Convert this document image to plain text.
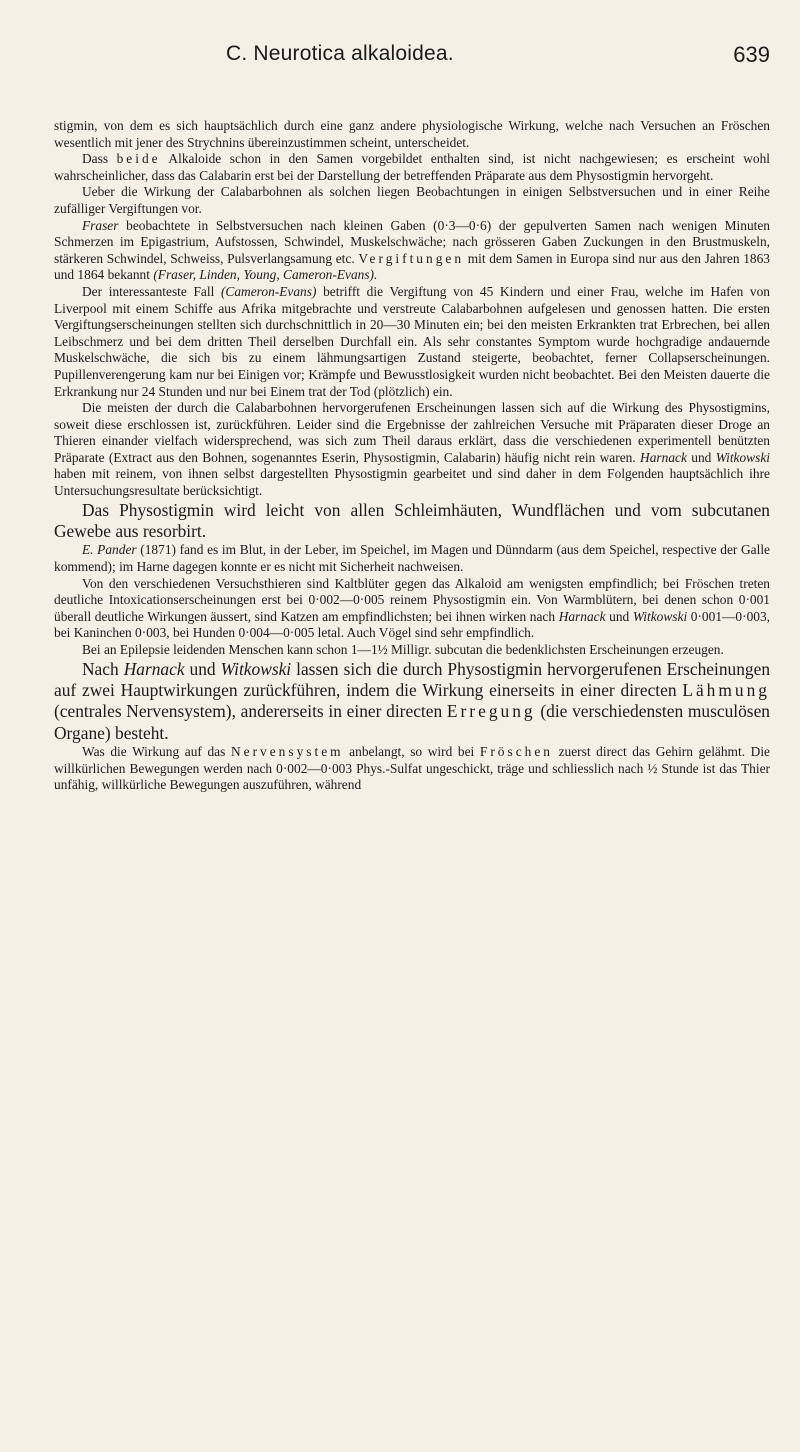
C. Neurotica alkaloidea.	639

stigmin, von dem es sich hauptsächlich durch eine ganz andere physiologische Wirkung, welche nach Versuchen an Fröschen wesentlich mit jener des Strychnins übereinzustimmen scheint, unterscheidet.

Dass beide Alkaloide schon in den Samen vorgebildet enthalten sind, ist nicht nachgewiesen; es erscheint wohl wahrscheinlicher, dass das Calabarin erst bei der Darstellung der betreffenden Präparate aus dem Physostigmin hervorgeht.

Ueber die Wirkung der Calabarbohnen als solchen liegen Beobachtungen in einigen Selbstversuchen und in einer Reihe zufälliger Vergiftungen vor.

Fraser beobachtete in Selbstversuchen nach kleinen Gaben (0·3—0·6) der gepulverten Samen nach wenigen Minuten Schmerzen im Epigastrium, Aufstossen, Schwindel, Muskelschwäche; nach grösseren Gaben Zuckungen in den Brustmuskeln, stärkeren Schwindel, Schweiss, Pulsverlangsamung etc. Vergiftungen mit dem Samen in Europa sind nur aus den Jahren 1863 und 1864 bekannt (Fraser, Linden, Young, Cameron-Evans).

Der interessanteste Fall (Cameron-Evans) betrifft die Vergiftung von 45 Kindern und einer Frau, welche im Hafen von Liverpool mit einem Schiffe aus Afrika mitgebrachte und verstreute Calabarbohnen aufgelesen und genossen hatten. Die ersten Vergiftungserscheinungen stellten sich durchschnittlich in 20—30 Minuten ein; bei den meisten Erkrankten trat Erbrechen, bei allen Leibschmerz und bei dem dritten Theil derselben Durchfall ein. Als sehr constantes Symptom wurde hochgradige andauernde Muskelschwäche, die sich bis zu einem lähmungsartigen Zustand steigerte, beobachtet, ferner Collapserscheinungen. Pupillenverengerung kam nur bei Einigen vor; Krämpfe und Bewusstlosigkeit wurden nicht beobachtet. Bei den Meisten dauerte die Erkrankung nur 24 Stunden und nur bei Einem trat der Tod (plötzlich) ein.

Die meisten der durch die Calabarbohnen hervorgerufenen Erscheinungen lassen sich auf die Wirkung des Physostigmins, soweit diese erschlossen ist, zurückführen. Leider sind die Ergebnisse der zahlreichen Versuche mit Präparaten dieser Droge an Thieren einander vielfach widersprechend, was sich zum Theil daraus erklärt, dass die verschiedenen experimentell benützten Präparate (Extract aus den Bohnen, sogenanntes Eserin, Physostigmin, Calabarin) häufig nicht rein waren. Harnack und Witkowski haben mit reinem, von ihnen selbst dargestellten Physostigmin gearbeitet und sind daher in dem Folgenden hauptsächlich ihre Untersuchungsresultate berücksichtigt.

Das Physostigmin wird leicht von allen Schleimhäuten, Wundflächen und vom subcutanen Gewebe aus resorbirt.

E. Pander (1871) fand es im Blut, in der Leber, im Speichel, im Magen und Dünndarm (aus dem Speichel, respective der Galle kommend); im Harne dagegen konnte er es nicht mit Sicherheit nachweisen.

Von den verschiedenen Versuchsthieren sind Kaltblüter gegen das Alkaloid am wenigsten empfindlich; bei Fröschen treten deutliche Intoxicationserscheinungen erst bei 0·002—0·005 reinem Physostigmin ein. Von Warmblütern, bei denen schon 0·001 überall deutliche Wirkungen äussert, sind Katzen am empfindlichsten; bei ihnen wirken nach Harnack und Witkowski 0·001—0·003, bei Kaninchen 0·003, bei Hunden 0·004—0·005 letal. Auch Vögel sind sehr empfindlich.

Bei an Epilepsie leidenden Menschen kann schon 1—1½ Milligr. subcutan die bedenklichsten Erscheinungen erzeugen.

Nach Harnack und Witkowski lassen sich die durch Physostigmin hervorgerufenen Erscheinungen auf zwei Hauptwirkungen zurückführen, indem die Wirkung einerseits in einer directen Lähmung (centrales Nervensystem), andererseits in einer directen Erregung (die verschiedensten musculösen Organe) besteht.

Was die Wirkung auf das Nervensystem anbelangt, so wird bei Fröschen zuerst direct das Gehirn gelähmt. Die willkürlichen Bewegungen werden nach 0·002—0·003 Phys.-Sulfat ungeschickt, träge und schliesslich nach ½ Stunde ist das Thier unfähig, willkürliche Bewegungen auszuführen, während
